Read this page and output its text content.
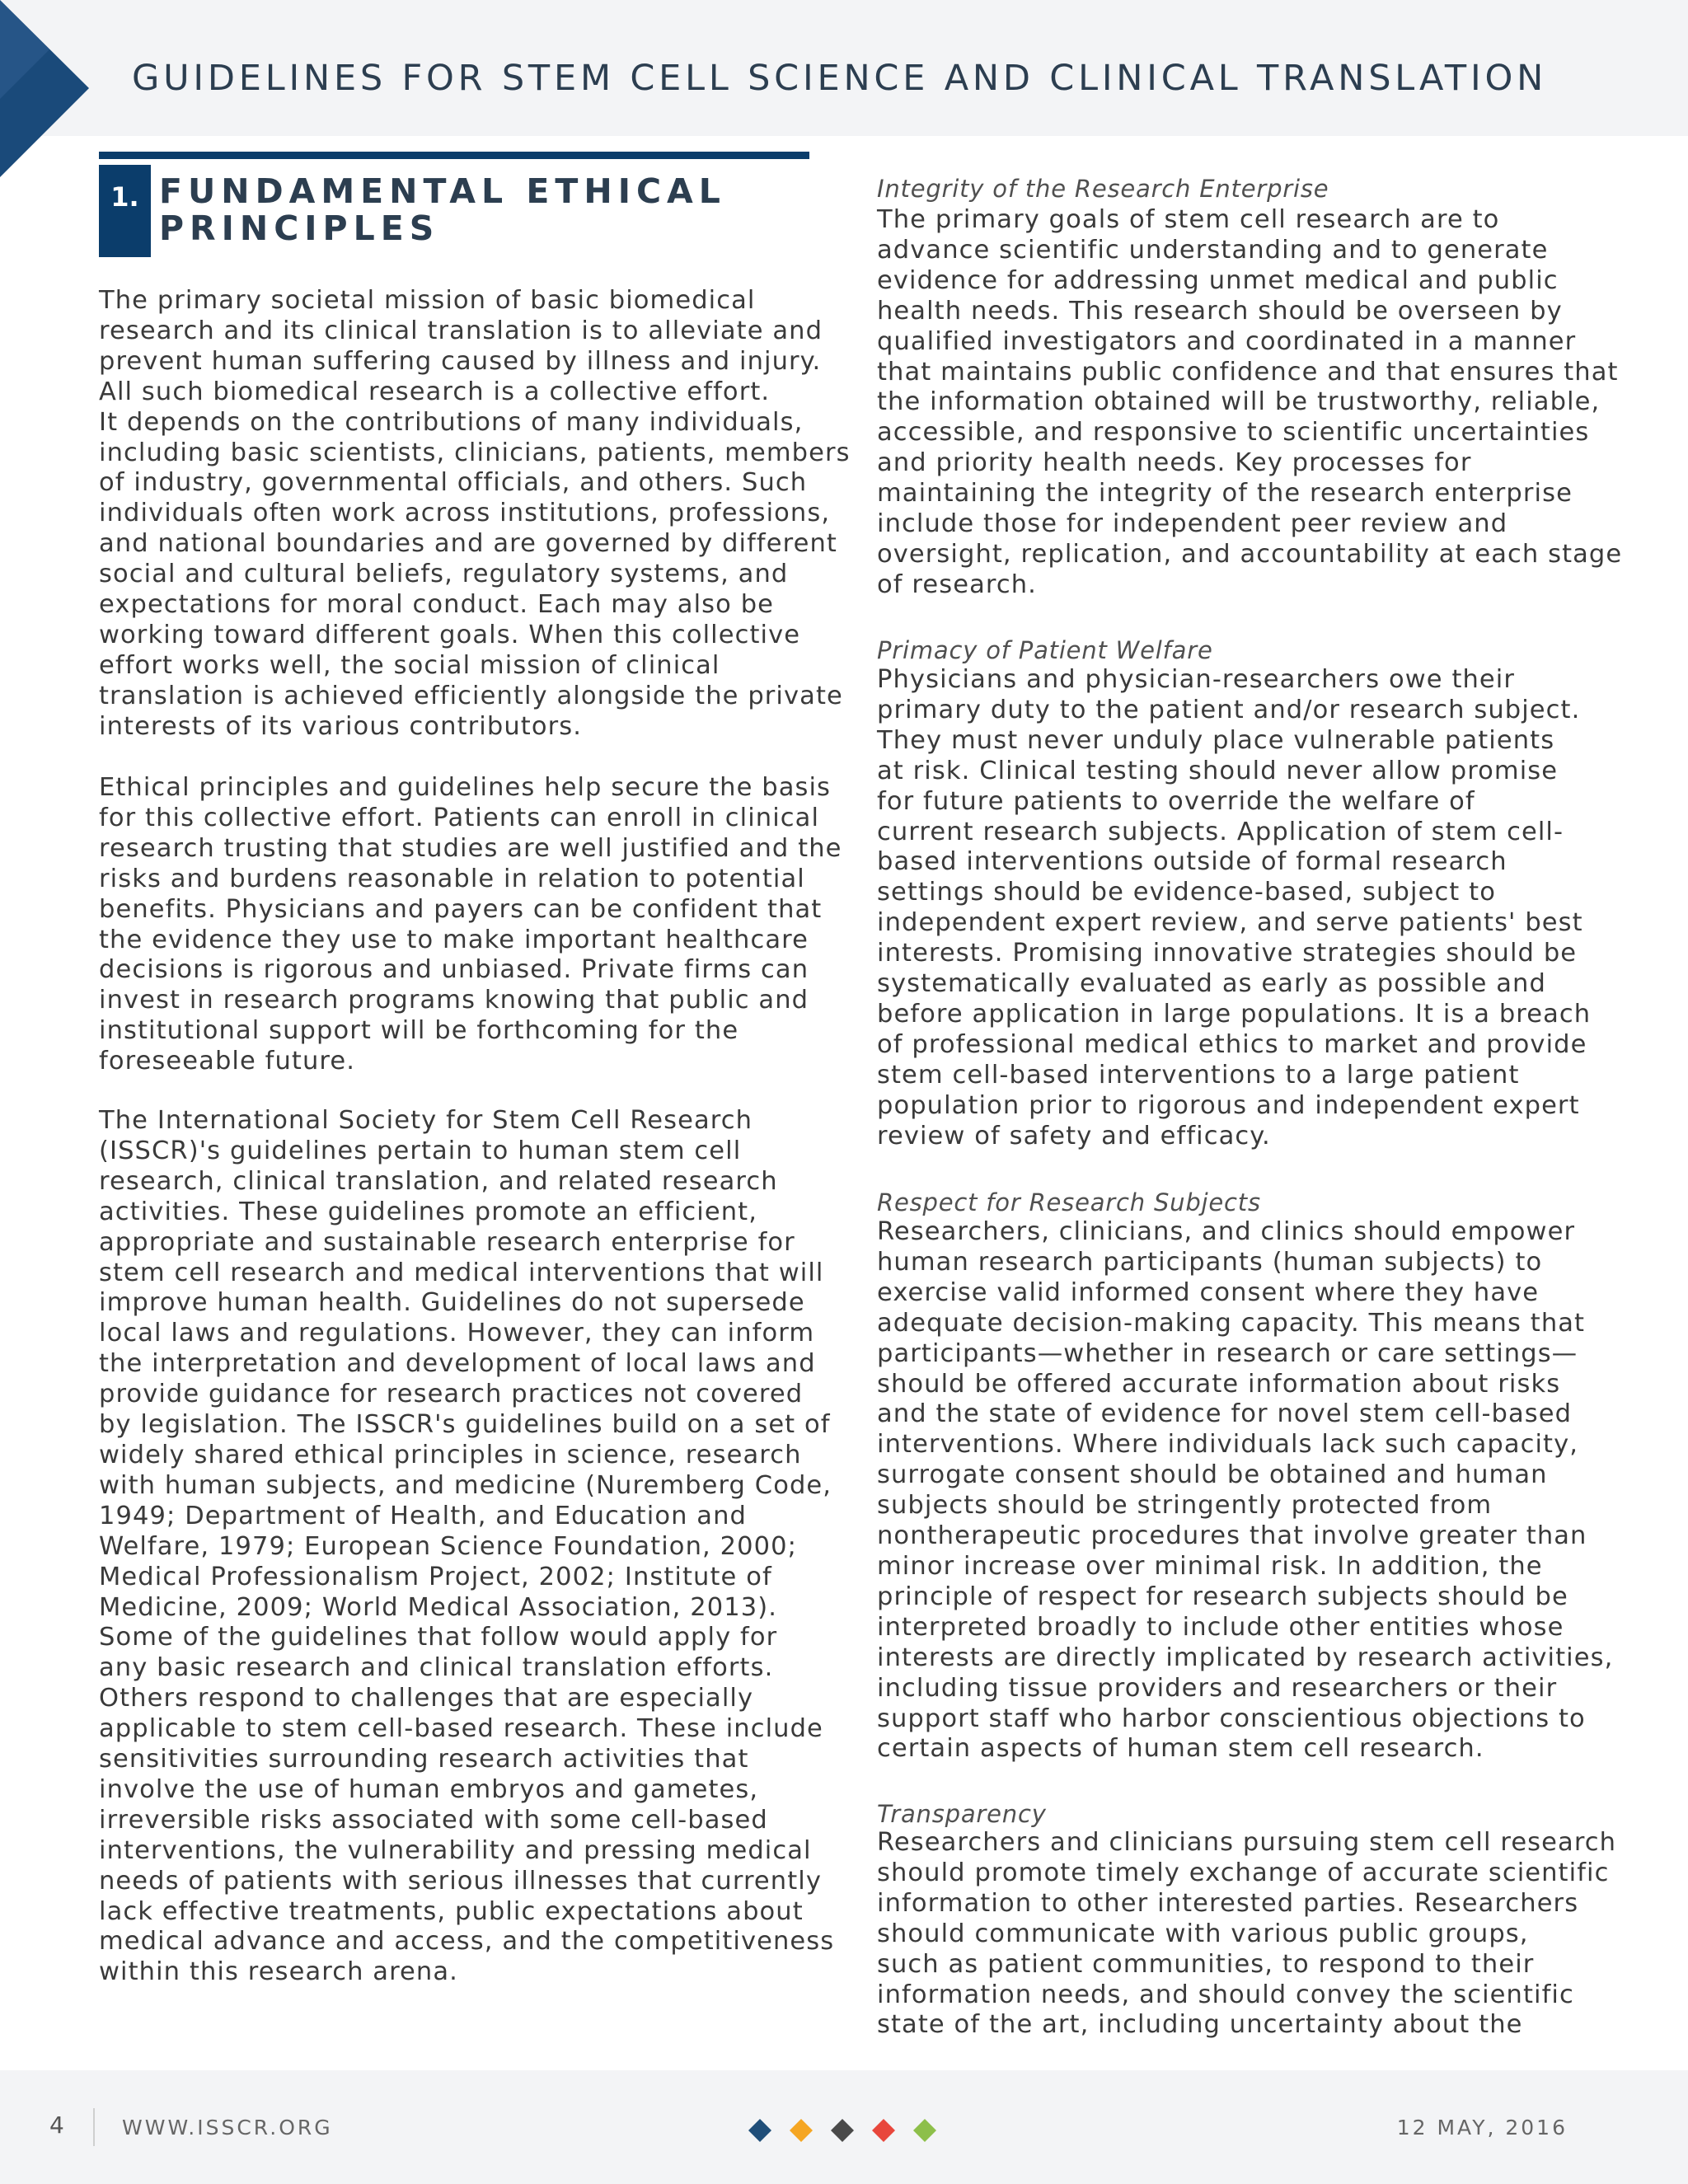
GUIDELINES FOR STEM CELL SCIENCE AND CLINICAL TRANSLATION
1. FUNDAMENTAL ETHICAL
PRINCIPLES

The primary societal mission of basic biomedical
research and its clinical translation is to alleviate and
prevent human suffering caused by illness and injury.
All such biomedical research is a collective effort.
It depends on the contributions of many individuals,
including basic scientists, clinicians, patients, members
of industry, governmental officials, and others. Such
individuals often work across institutions, professions,
and national boundaries and are governed by different
social and cultural beliefs, regulatory systems, and
expectations for moral conduct. Each may also be
working toward different goals. When this collective
effort works well, the social mission of clinical
translation is achieved efficiently alongside the private
interests of its various contributors.

Ethical principles and guidelines help secure the basis
for this collective effort. Patients can enroll in clinical
research trusting that studies are well justified and the
risks and burdens reasonable in relation to potential
benefits. Physicians and payers can be confident that
the evidence they use to make important healthcare
decisions is rigorous and unbiased. Private firms can
invest in research programs knowing that public and
institutional support will be forthcoming for the
foreseeable future.

The International Society for Stem Cell Research
(ISSCR)'s guidelines pertain to human stem cell
research, clinical translation, and related research
activities. These guidelines promote an efficient,
appropriate and sustainable research enterprise for
stem cell research and medical interventions that will
improve human health. Guidelines do not supersede
local laws and regulations. However, they can inform
the interpretation and development of local laws and
provide guidance for research practices not covered
by legislation. The ISSCR's guidelines build on a set of
widely shared ethical principles in science, research
with human subjects, and medicine (Nuremberg Code,
1949; Department of Health, and Education and
Welfare, 1979; European Science Foundation, 2000;
Medical Professionalism Project, 2002; Institute of
Medicine, 2009; World Medical Association, 2013).
Some of the guidelines that follow would apply for
any basic research and clinical translation efforts.
Others respond to challenges that are especially
applicable to stem cell-based research. These include
sensitivities surrounding research activities that
involve the use of human embryos and gametes,
irreversible risks associated with some cell-based
interventions, the vulnerability and pressing medical
needs of patients with serious illnesses that currently
lack effective treatments, public expectations about
medical advance and access, and the competitiveness
within this research arena.

Integrity of the Research Enterprise

The primary goals of stem cell research are to
advance scientific understanding and to generate
evidence for addressing unmet medical and public
health needs. This research should be overseen by
qualified investigators and coordinated in a manner
that maintains public confidence and that ensures that
the information obtained will be trustworthy, reliable,
accessible, and responsive to scientific uncertainties
and priority health needs. Key processes for
maintaining the integrity of the research enterprise
include those for independent peer review and
oversight, replication, and accountability at each stage
of research.

Primacy of Patient Welfare

Physicians and physician-researchers owe their
primary duty to the patient and/or research subject.
They must never unduly place vulnerable patients
at risk. Clinical testing should never allow promise
for future patients to override the welfare of
current research subjects. Application of stem cell-
based interventions outside of formal research
settings should be evidence-based, subject to
independent expert review, and serve patients' best
interests. Promising innovative strategies should be
systematically evaluated as early as possible and
before application in large populations. It is a breach
of professional medical ethics to market and provide
stem cell-based interventions to a large patient
population prior to rigorous and independent expert
review of safety and efficacy.

Respect for Research Subjects

Researchers, clinicians, and clinics should empower
human research participants (human subjects) to
exercise valid informed consent where they have
adequate decision-making capacity. This means that
participants—whether in research or care settings—
should be offered accurate information about risks
and the state of evidence for novel stem cell-based
interventions. Where individuals lack such capacity,
surrogate consent should be obtained and human
subjects should be stringently protected from
nontherapeutic procedures that involve greater than
minor increase over minimal risk. In addition, the
principle of respect for research subjects should be
interpreted broadly to include other entities whose
interests are directly implicated by research activities,
including tissue providers and researchers or their
support staff who harbor conscientious objections to
certain aspects of human stem cell research.

Transparency

Researchers and clinicians pursuing stem cell research
should promote timely exchange of accurate scientific
information to other interested parties. Researchers
should communicate with various public groups,
such as patient communities, to respond to their
information needs, and should convey the scientific
state of the art, including uncertainty about the

4	WWW.ISSCR.ORG	12 MAY, 2016
